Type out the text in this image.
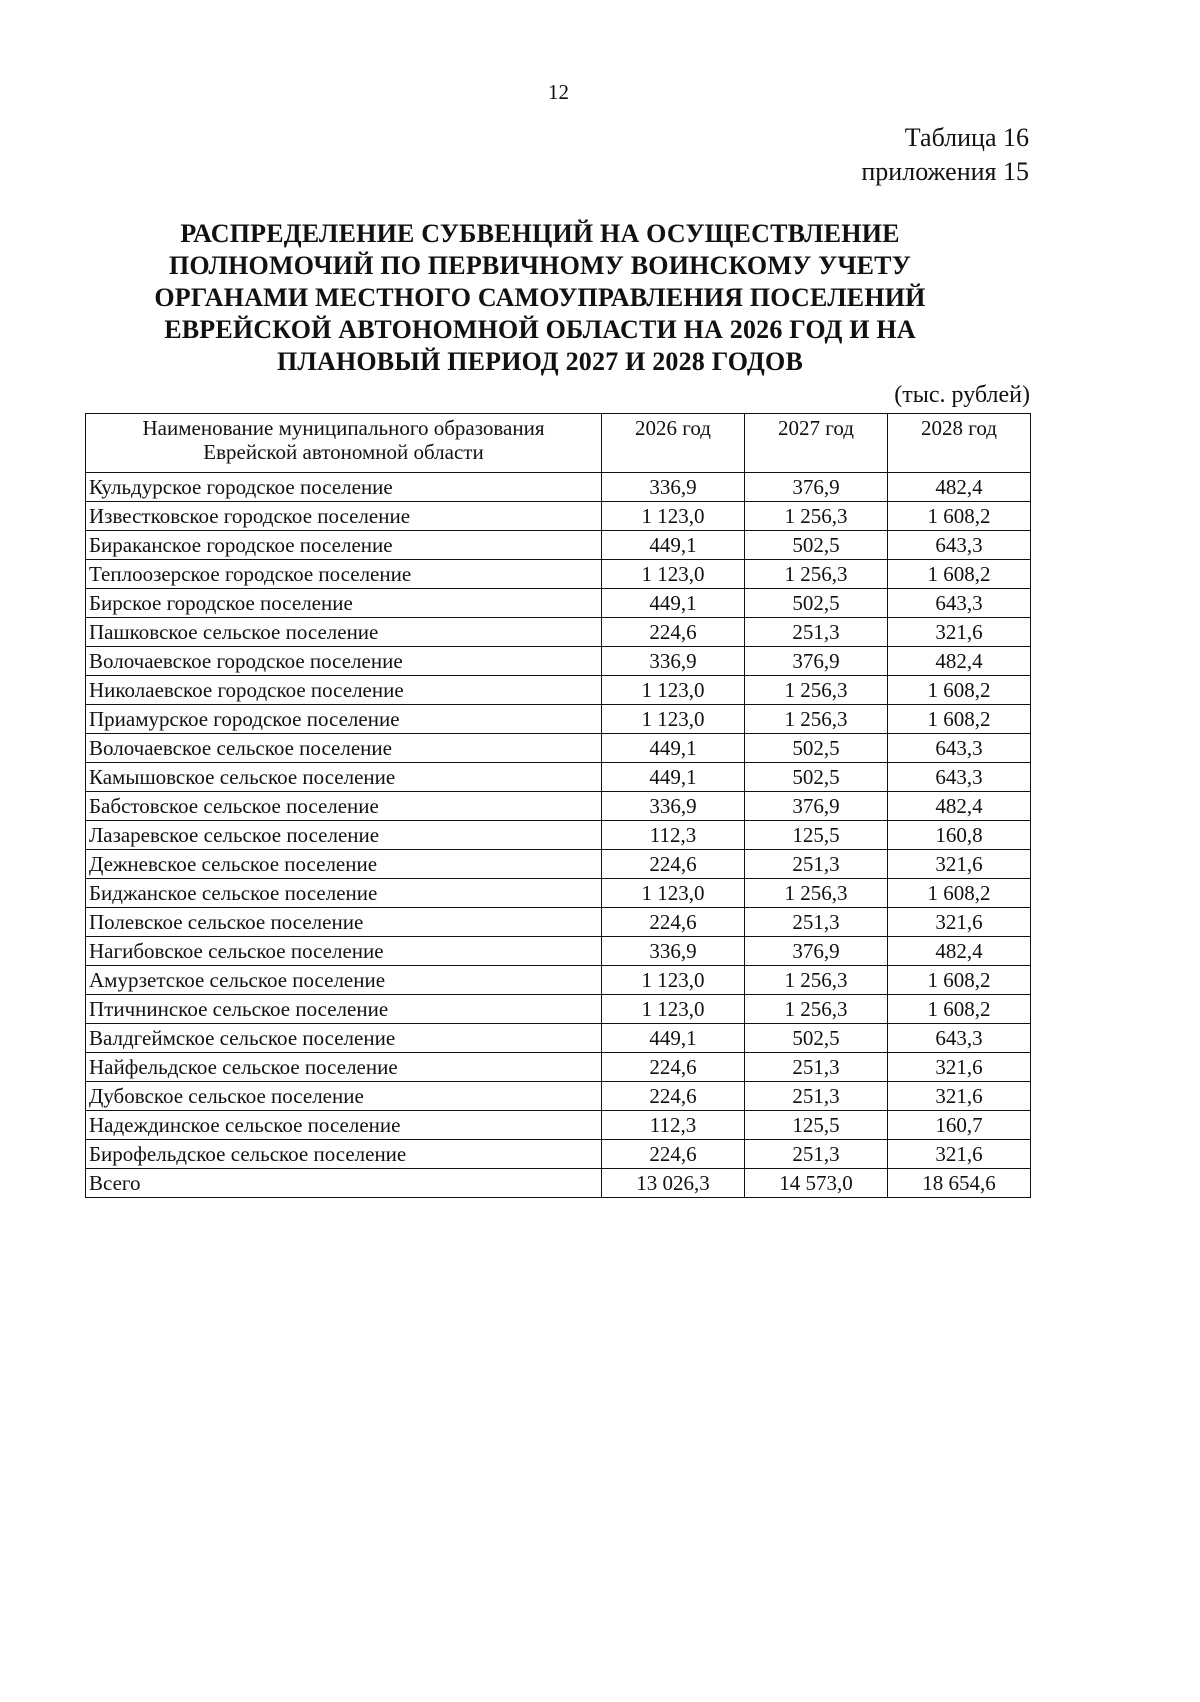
12
Таблица 16
приложения 15
РАСПРЕДЕЛЕНИЕ СУБВЕНЦИЙ НА ОСУЩЕСТВЛЕНИЕ
ПОЛНОМОЧИЙ ПО ПЕРВИЧНОМУ ВОИНСКОМУ УЧЕТУ
ОРГАНАМИ МЕСТНОГО САМОУПРАВЛЕНИЯ ПОСЕЛЕНИЙ
ЕВРЕЙСКОЙ АВТОНОМНОЙ ОБЛАСТИ НА 2026 ГОД И НА
ПЛАНОВЫЙ ПЕРИОД 2027 И 2028 ГОДОВ
(тыс. рублей)
Наименование муниципального образования
Еврейской автономной области	2026 год	2027 год	2028 год
Кульдурское городское поселение	336,9	376,9	482,4
Известковское городское поселение	1 123,0	1 256,3	1 608,2
Бираканское городское поселение	449,1	502,5	643,3
Теплоозерское городское поселение	1 123,0	1 256,3	1 608,2
Бирское городское поселение	449,1	502,5	643,3
Пашковское сельское поселение	224,6	251,3	321,6
Волочаевское городское поселение	336,9	376,9	482,4
Николаевское городское поселение	1 123,0	1 256,3	1 608,2
Приамурское городское поселение	1 123,0	1 256,3	1 608,2
Волочаевское сельское поселение	449,1	502,5	643,3
Камышовское сельское поселение	449,1	502,5	643,3
Бабстовское сельское поселение	336,9	376,9	482,4
Лазаревское сельское поселение	112,3	125,5	160,8
Дежневское сельское поселение	224,6	251,3	321,6
Биджанское сельское поселение	1 123,0	1 256,3	1 608,2
Полевское сельское поселение	224,6	251,3	321,6
Нагибовское сельское поселение	336,9	376,9	482,4
Амурзетское сельское поселение	1 123,0	1 256,3	1 608,2
Птичнинское сельское поселение	1 123,0	1 256,3	1 608,2
Валдгеймское сельское поселение	449,1	502,5	643,3
Найфельдское сельское поселение	224,6	251,3	321,6
Дубовское сельское поселение	224,6	251,3	321,6
Надеждинское сельское поселение	112,3	125,5	160,7
Бирофельдское сельское поселение	224,6	251,3	321,6
Всего	13 026,3	14 573,0	18 654,6
